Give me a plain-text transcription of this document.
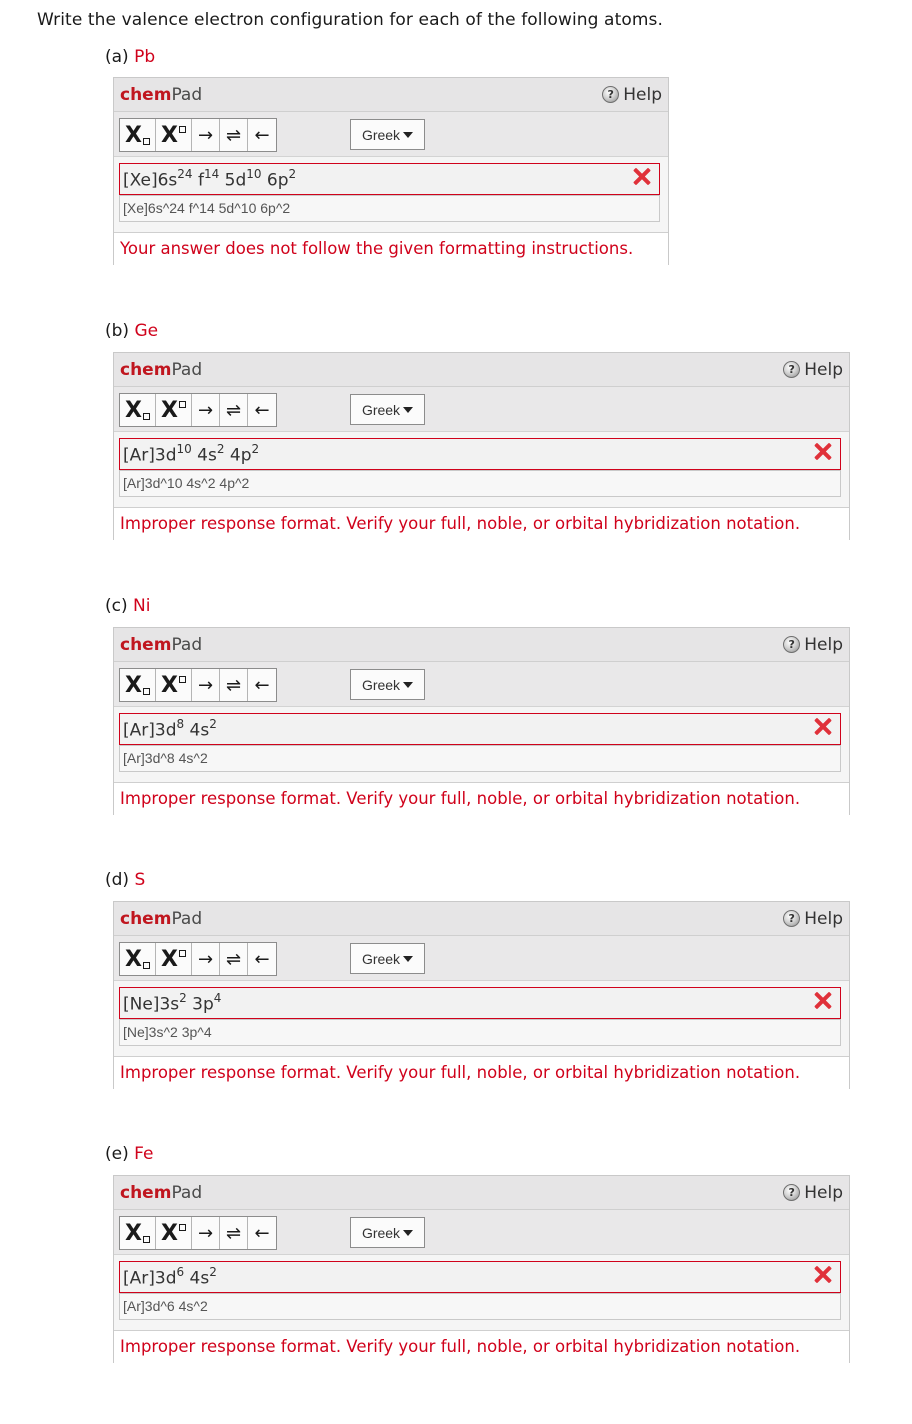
Write the valence electron configuration for each of the following atoms.
(a) Pb
chemPad	? Help
X X	→ ⇌ ←	Greek
$[Xe]6s^{24}$ $f^{14}$ $5d^{10}$ $6p^2$
[Xe]6s^24 f^14 5d^10 6p^2
Your answer does not follow the given formatting instructions.
(b) Ge
chemPad	? Help
X X	→ ⇌ ←	Greek
$[Ar]3d^{10}$ $4s^2$ $4p^2$
[Ar]3d^10 4s^2 4p^2
Improper response format. Verify your full, noble, or orbital hybridization notation.
(c) Ni
chemPad	? Help
X X	→ ⇌ ←	Greek
$[Ar]3d^8$ $4s^2$
[Ar]3d^8 4s^2
Improper response format. Verify your full, noble, or orbital hybridization notation.
(d) S
chemPad	? Help
X X	→ ⇌ ←	Greek
$[Ne]3s^2$ $3p^4$
[Ne]3s^2 3p^4
Improper response format. Verify your full, noble, or orbital hybridization notation.
(e) Fe
chemPad	? Help
X X	→ ⇌ ←	Greek
$[Ar]3d^6$ $4s^2$
[Ar]3d^6 4s^2
Improper response format. Verify your full, noble, or orbital hybridization notation.
